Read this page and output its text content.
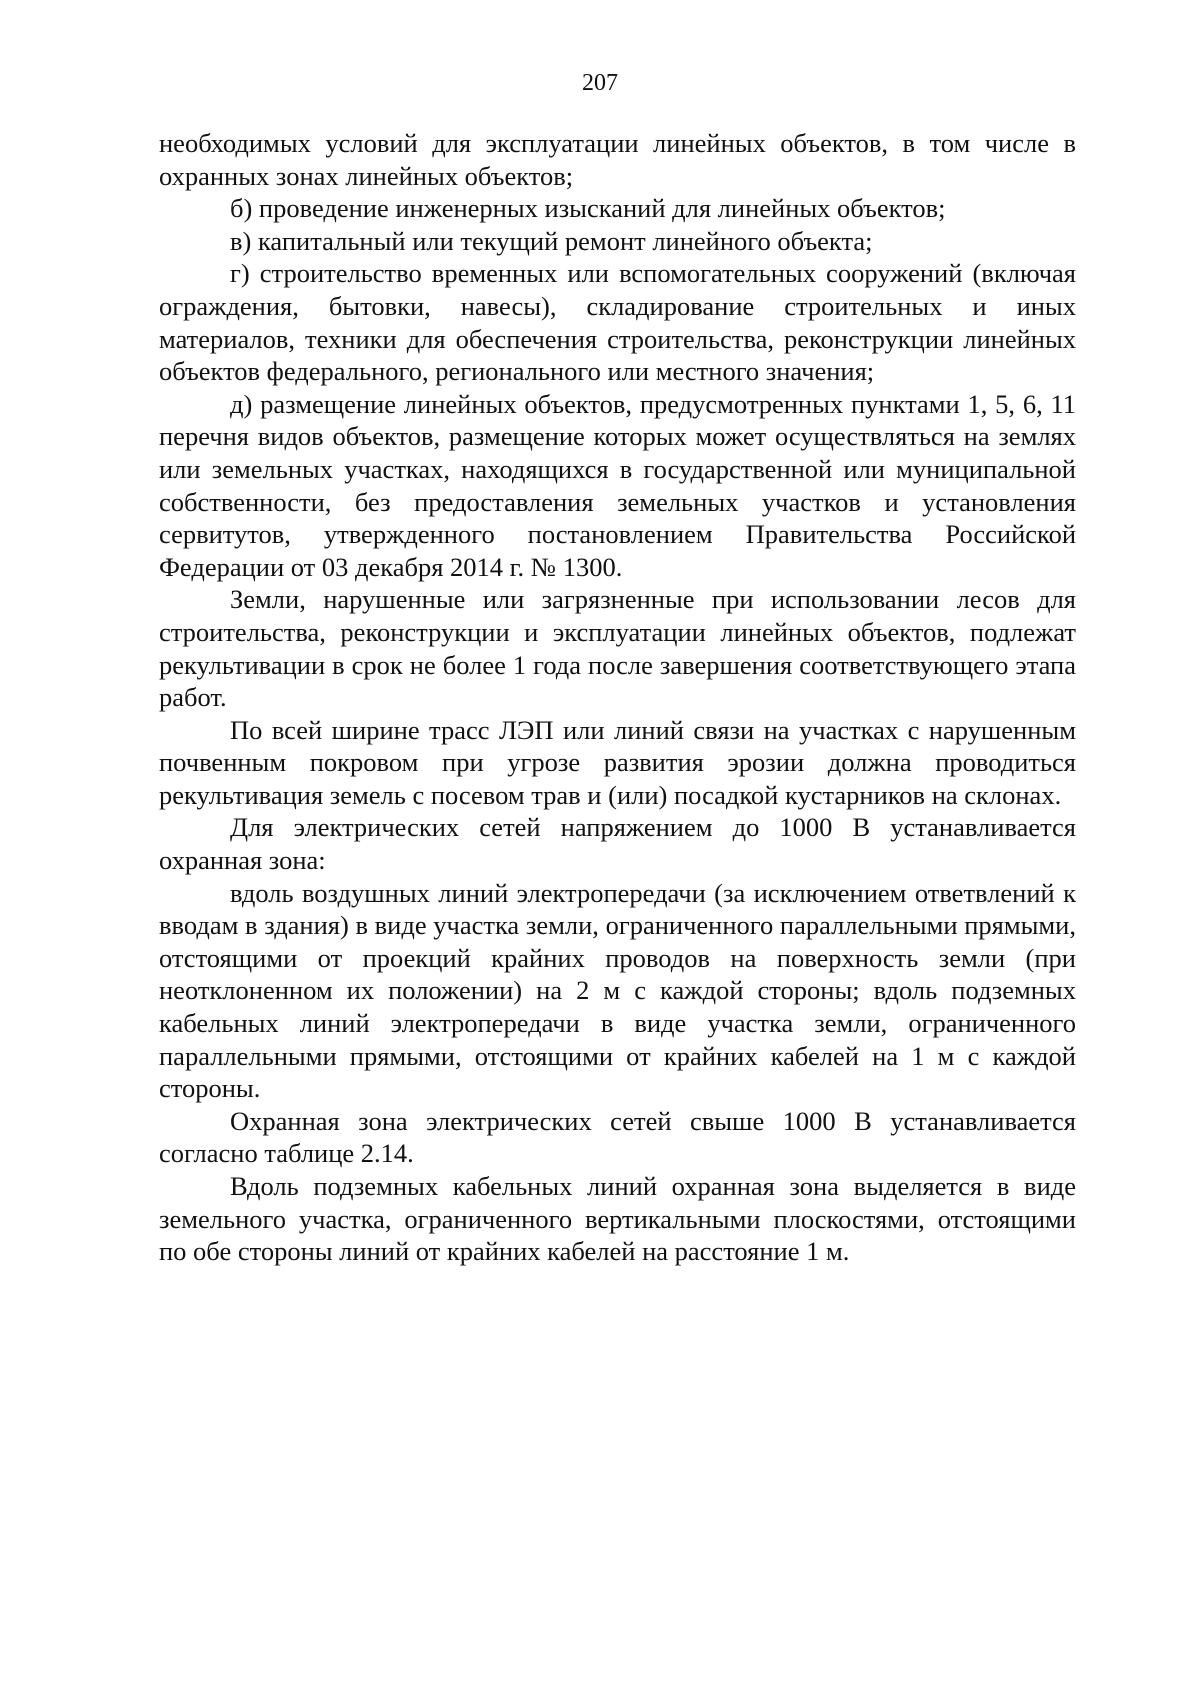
207

необходимых условий для эксплуатации линейных объектов, в том числе в охранных зонах линейных объектов;

б) проведение инженерных изысканий для линейных объектов;

в) капитальный или текущий ремонт линейного объекта;

г) строительство временных или вспомогательных сооружений (включая ограждения, бытовки, навесы), складирование строительных и иных материалов, техники для обеспечения строительства, реконструкции линейных объектов федерального, регионального или местного значения;

д) размещение линейных объектов, предусмотренных пунктами 1, 5, 6, 11 перечня видов объектов, размещение которых может осуществляться на землях или земельных участках, находящихся в государственной или муниципальной собственности, без предоставления земельных участков и установления сервитутов, утвержденного постановлением Правительства Российской Федерации от 03 декабря 2014 г. № 1300.

Земли, нарушенные или загрязненные при использовании лесов для строительства, реконструкции и эксплуатации линейных объектов, подлежат рекультивации в срок не более 1 года после завершения соответствующего этапа работ.

По всей ширине трасс ЛЭП или линий связи на участках с нарушенным почвенным покровом при угрозе развития эрозии должна проводиться рекультивация земель с посевом трав и (или) посадкой кустарников на склонах.

Для электрических сетей напряжением до 1000 В устанавливается охранная зона:

вдоль воздушных линий электропередачи (за исключением ответвлений к вводам в здания) в виде участка земли, ограниченного параллельными прямыми, отстоящими от проекций крайних проводов на поверхность земли (при неотклоненном их положении) на 2 м с каждой стороны; вдоль подземных кабельных линий электропередачи в виде участка земли, ограниченного параллельными прямыми, отстоящими от крайних кабелей на 1 м с каждой стороны.

Охранная зона электрических сетей свыше 1000 В устанавливается согласно таблице 2.14.

Вдоль подземных кабельных линий охранная зона выделяется в виде земельного участка, ограниченного вертикальными плоскостями, отстоящими по обе стороны линий от крайних кабелей на расстояние 1 м.
